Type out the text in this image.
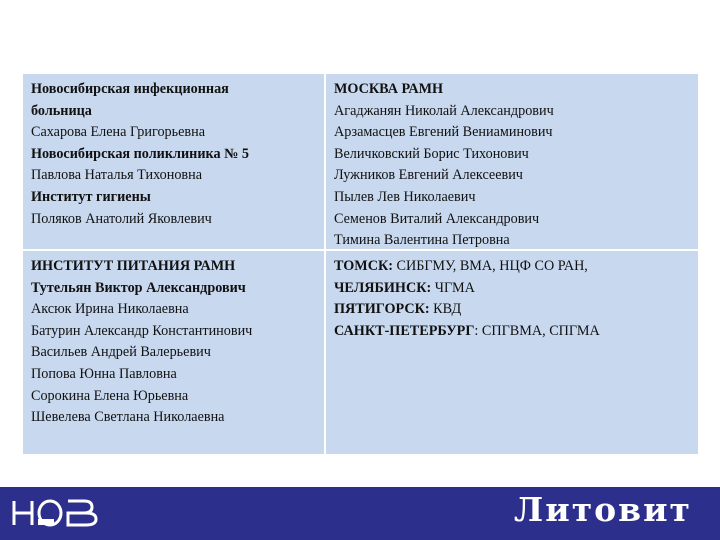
Новосибирская инфекционная
больница
Сахарова Елена Григорьевна
Новосибирская поликлиника № 5
Павлова Наталья Тихоновна
Институт гигиены
Поляков Анатолий Яковлевич
МОСКВА РАМН
Агаджанян Николай Александрович
Арзамасцев Евгений Вениаминович
Величковский Борис Тихонович
Лужников Евгений Алексеевич
Пылев Лев Николаевич
Семенов Виталий Александрович
Тимина Валентина Петровна
ИНСТИТУТ ПИТАНИЯ РАМН
Тутельян Виктор Александрович
Аксюк Ирина Николаевна
Батурин Александр Константинович
Васильев Андрей Валерьевич
Попова Юнна Павловна
Сорокина Елена Юрьевна
Шевелева Светлана Николаевна
ТОМСК: СИБГМУ, ВМА, НЦФ СО РАН,
ЧЕЛЯБИНСК: ЧГМА
ПЯТИГОРСК: КВД
САНКТ-ПЕТЕРБУРГ: СПГВМА, СПГМА
Литовит
